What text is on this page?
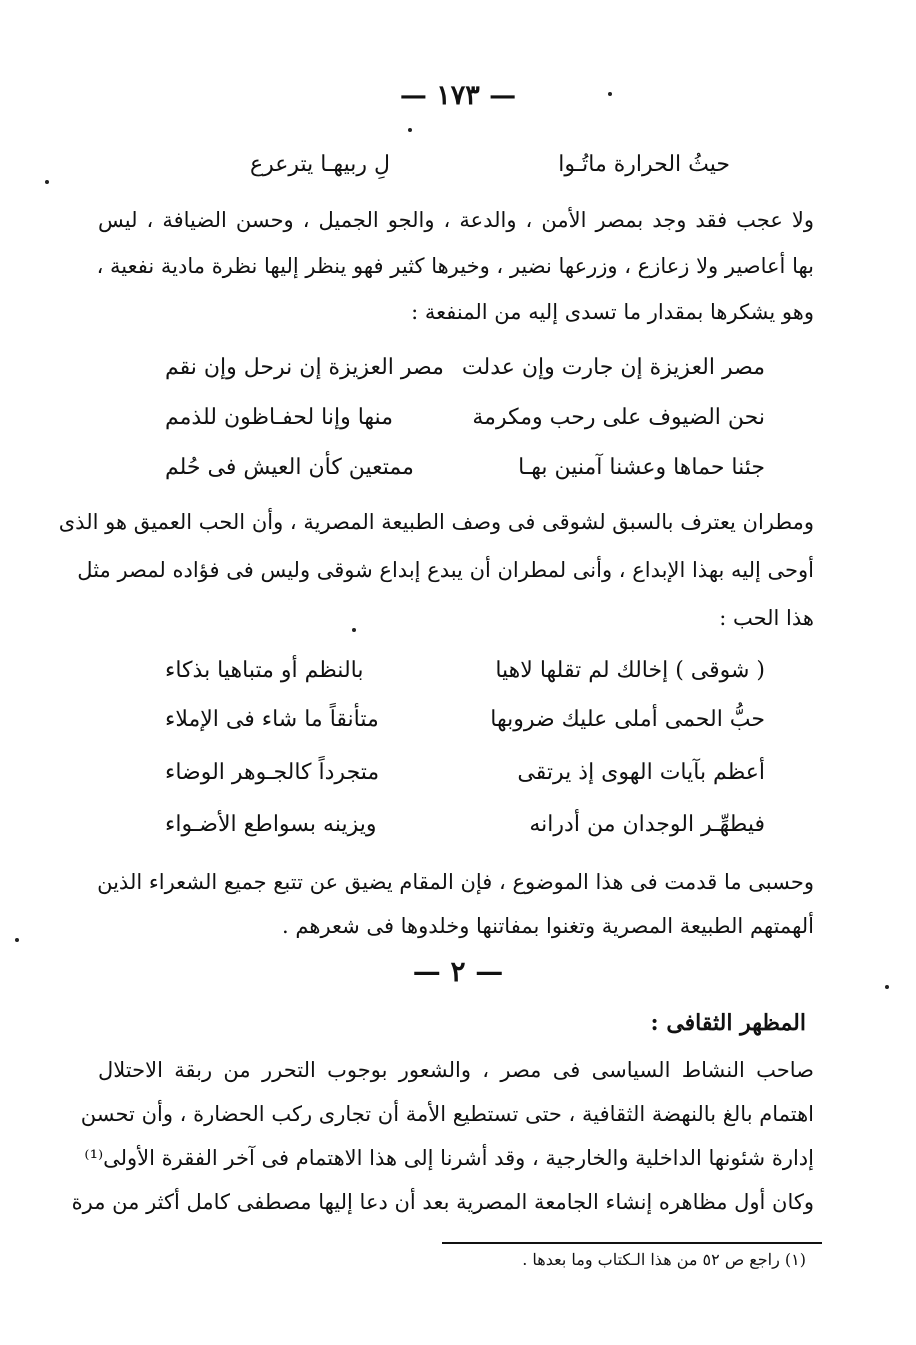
— ١٧٣ —
حيثُ الحرارة ماتُـوا
لِ ربيهـا يترعرع
ولا عجب فقد وجد بمصر الأمن ، والدعة ، والجو الجميل ، وحسن الضيافة ، ليس
بها أعاصير ولا زعازع ، وزرعها نضير ، وخيرها كثير فهو ينظر إليها نظرة مادية نفعية ،
وهو يشكرها بمقدار ما تسدى إليه من المنفعة :
مصر العزيزة إن جارت وإن عدلت
مصر العزيزة إن نرحل وإن نقم
نحن الضيوف على رحب ومكرمة
منها وإنا لحفـاظون للذمم
جئنا حماها وعشنا آمنين بهـا
ممتعين كأن العيش فى حُلم
ومطران يعترف بالسبق لشوقى فى وصف الطبيعة المصرية ، وأن الحب العميق هو الذى
أوحى إليه بهذا الإبداع ، وأنى لمطران أن يبدع إبداع شوقى وليس فى فؤاده لمصر مثل
هذا الحب :
( شوقى ) إخالك لم تقلها لاهيا
بالنظم أو متباهيا بذكاء
حبُّ الحمى أملى عليك ضروبها
متأنقاً ما شاء فى الإملاء
أعظم بآيات الهوى إذ يرتقى
متجرداً كالجـوهر الوضاء
فيطهِّـر الوجدان من أدرانه
ويزينه بسواطع الأضـواء
وحسبى ما قدمت فى هذا الموضوع ، فإن المقام يضيق عن تتبع جميع الشعراء الذين
ألهمتهم الطبيعة المصرية وتغنوا بمفاتنها وخلدوها فى شعرهم .
— ٢ —
المظهر الثقافى :
صاحب النشاط السياسى فى مصر ، والشعور بوجوب التحرر من ربقة الاحتلال
اهتمام بالغ بالنهضة الثقافية ، حتى تستطيع الأمة أن تجارى ركب الحضارة ، وأن تحسن
إدارة شئونها الداخلية والخارجية ، وقد أشرنا إلى هذا الاهتمام فى آخر الفقرة الأولى⁽¹⁾
وكان أول مظاهره إنشاء الجامعة المصرية بعد أن دعا إليها مصطفى كامل أكثر من مرة
(١) راجع ص ٥٢ من هذا الـكتاب وما بعدها .
